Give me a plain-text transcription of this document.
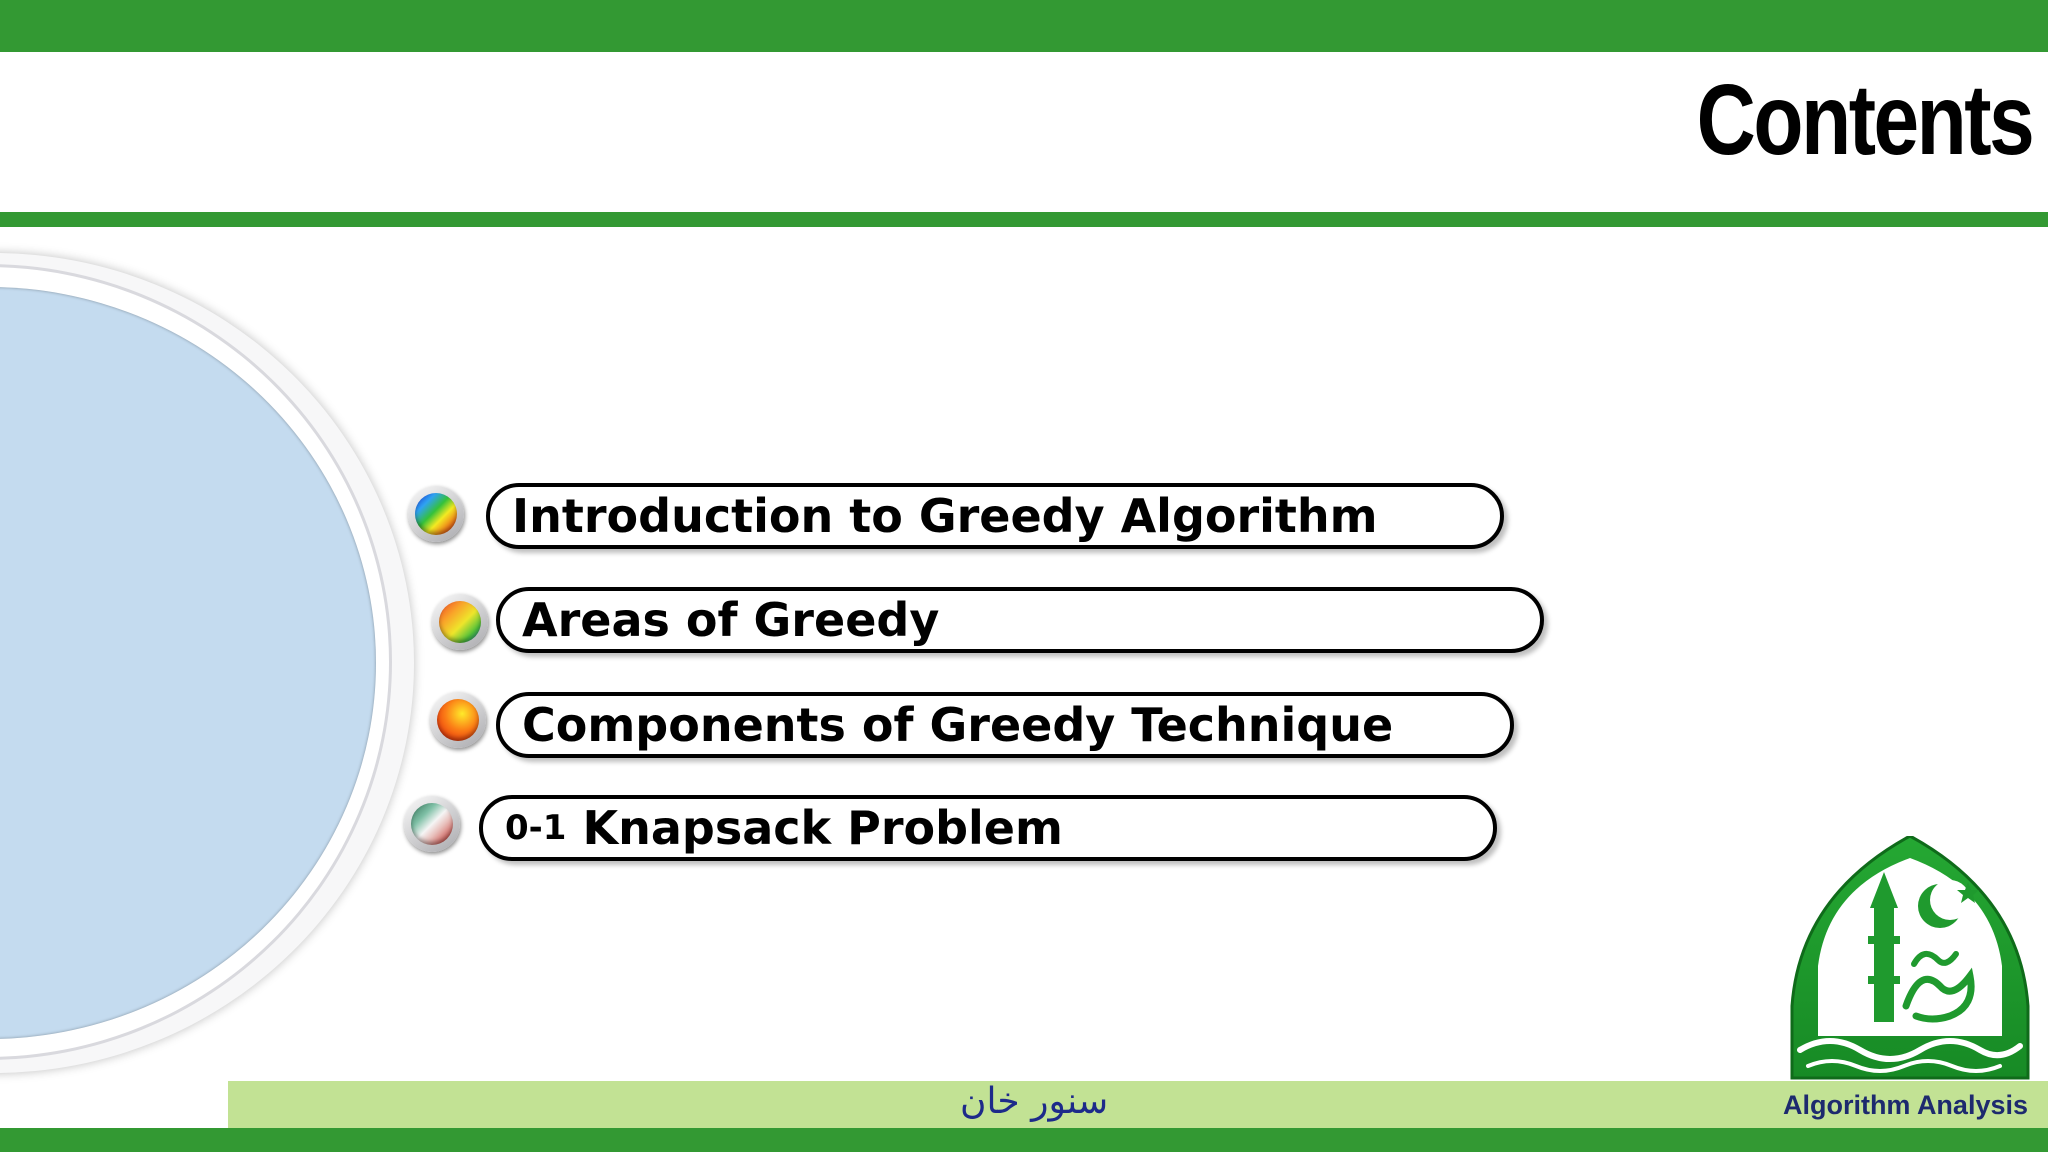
Contents
Introduction to Greedy Algorithm
Areas of Greedy
Components of Greedy Technique
0-1 Knapsack Problem
سنور خان	Algorithm Analysis
